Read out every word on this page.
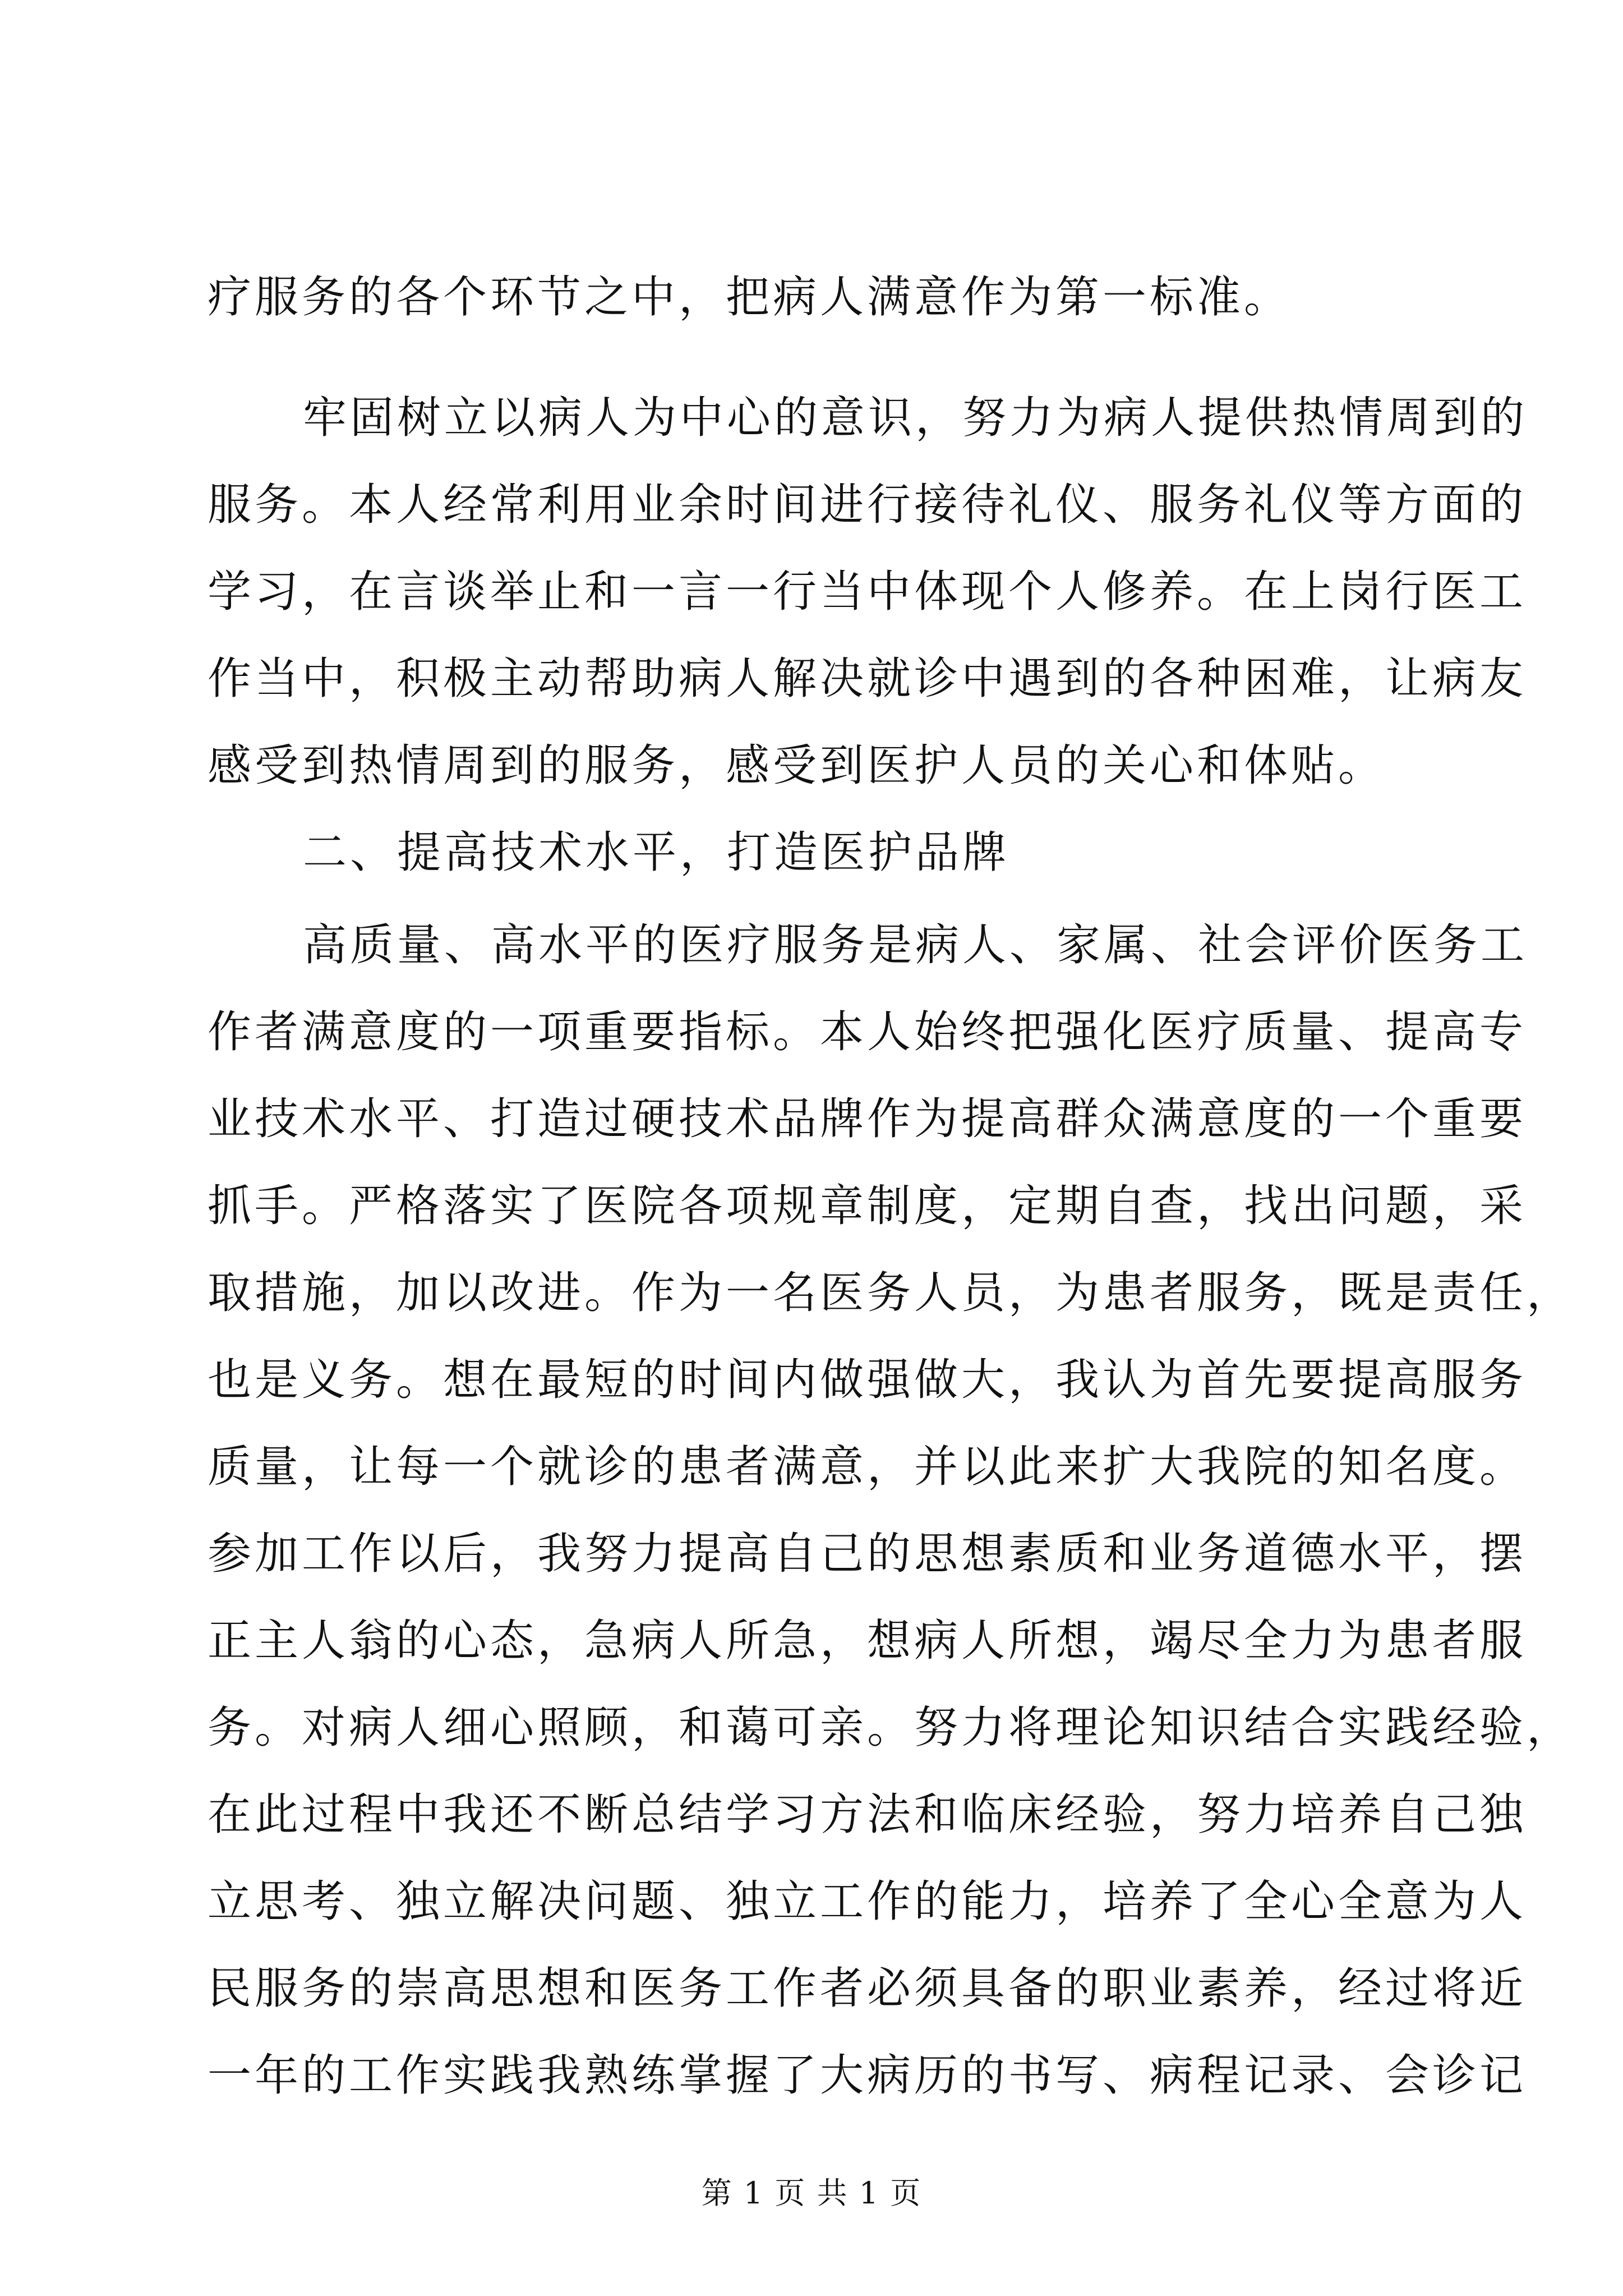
疗服务的各个环节之中，把病人满意作为第一标准。
牢固树立以病人为中心的意识，努力为病人提供热情周到的
服务。本人经常利用业余时间进行接待礼仪、服务礼仪等方面的
学习，在言谈举止和一言一行当中体现个人修养。在上岗行医工
作当中，积极主动帮助病人解决就诊中遇到的各种困难，让病友
感受到热情周到的服务，感受到医护人员的关心和体贴。
二、提高技术水平，打造医护品牌
高质量、高水平的医疗服务是病人、家属、社会评价医务工
作者满意度的一项重要指标。本人始终把强化医疗质量、提高专
业技术水平、打造过硬技术品牌作为提高群众满意度的一个重要
抓手。严格落实了医院各项规章制度，定期自查，找出问题，采
取措施，加以改进。作为一名医务人员，为患者服务，既是责任，
也是义务。想在最短的时间内做强做大，我认为首先要提高服务
质量，让每一个就诊的患者满意，并以此来扩大我院的知名度。
参加工作以后，我努力提高自己的思想素质和业务道德水平，摆
正主人翁的心态，急病人所急，想病人所想，竭尽全力为患者服
务。对病人细心照顾，和蔼可亲。努力将理论知识结合实践经验，
在此过程中我还不断总结学习方法和临床经验，努力培养自己独
立思考、独立解决问题、独立工作的能力，培养了全心全意为人
民服务的崇高思想和医务工作者必须具备的职业素养，经过将近
一年的工作实践我熟练掌握了大病历的书写、病程记录、会诊记
第 1 页 共 1 页
